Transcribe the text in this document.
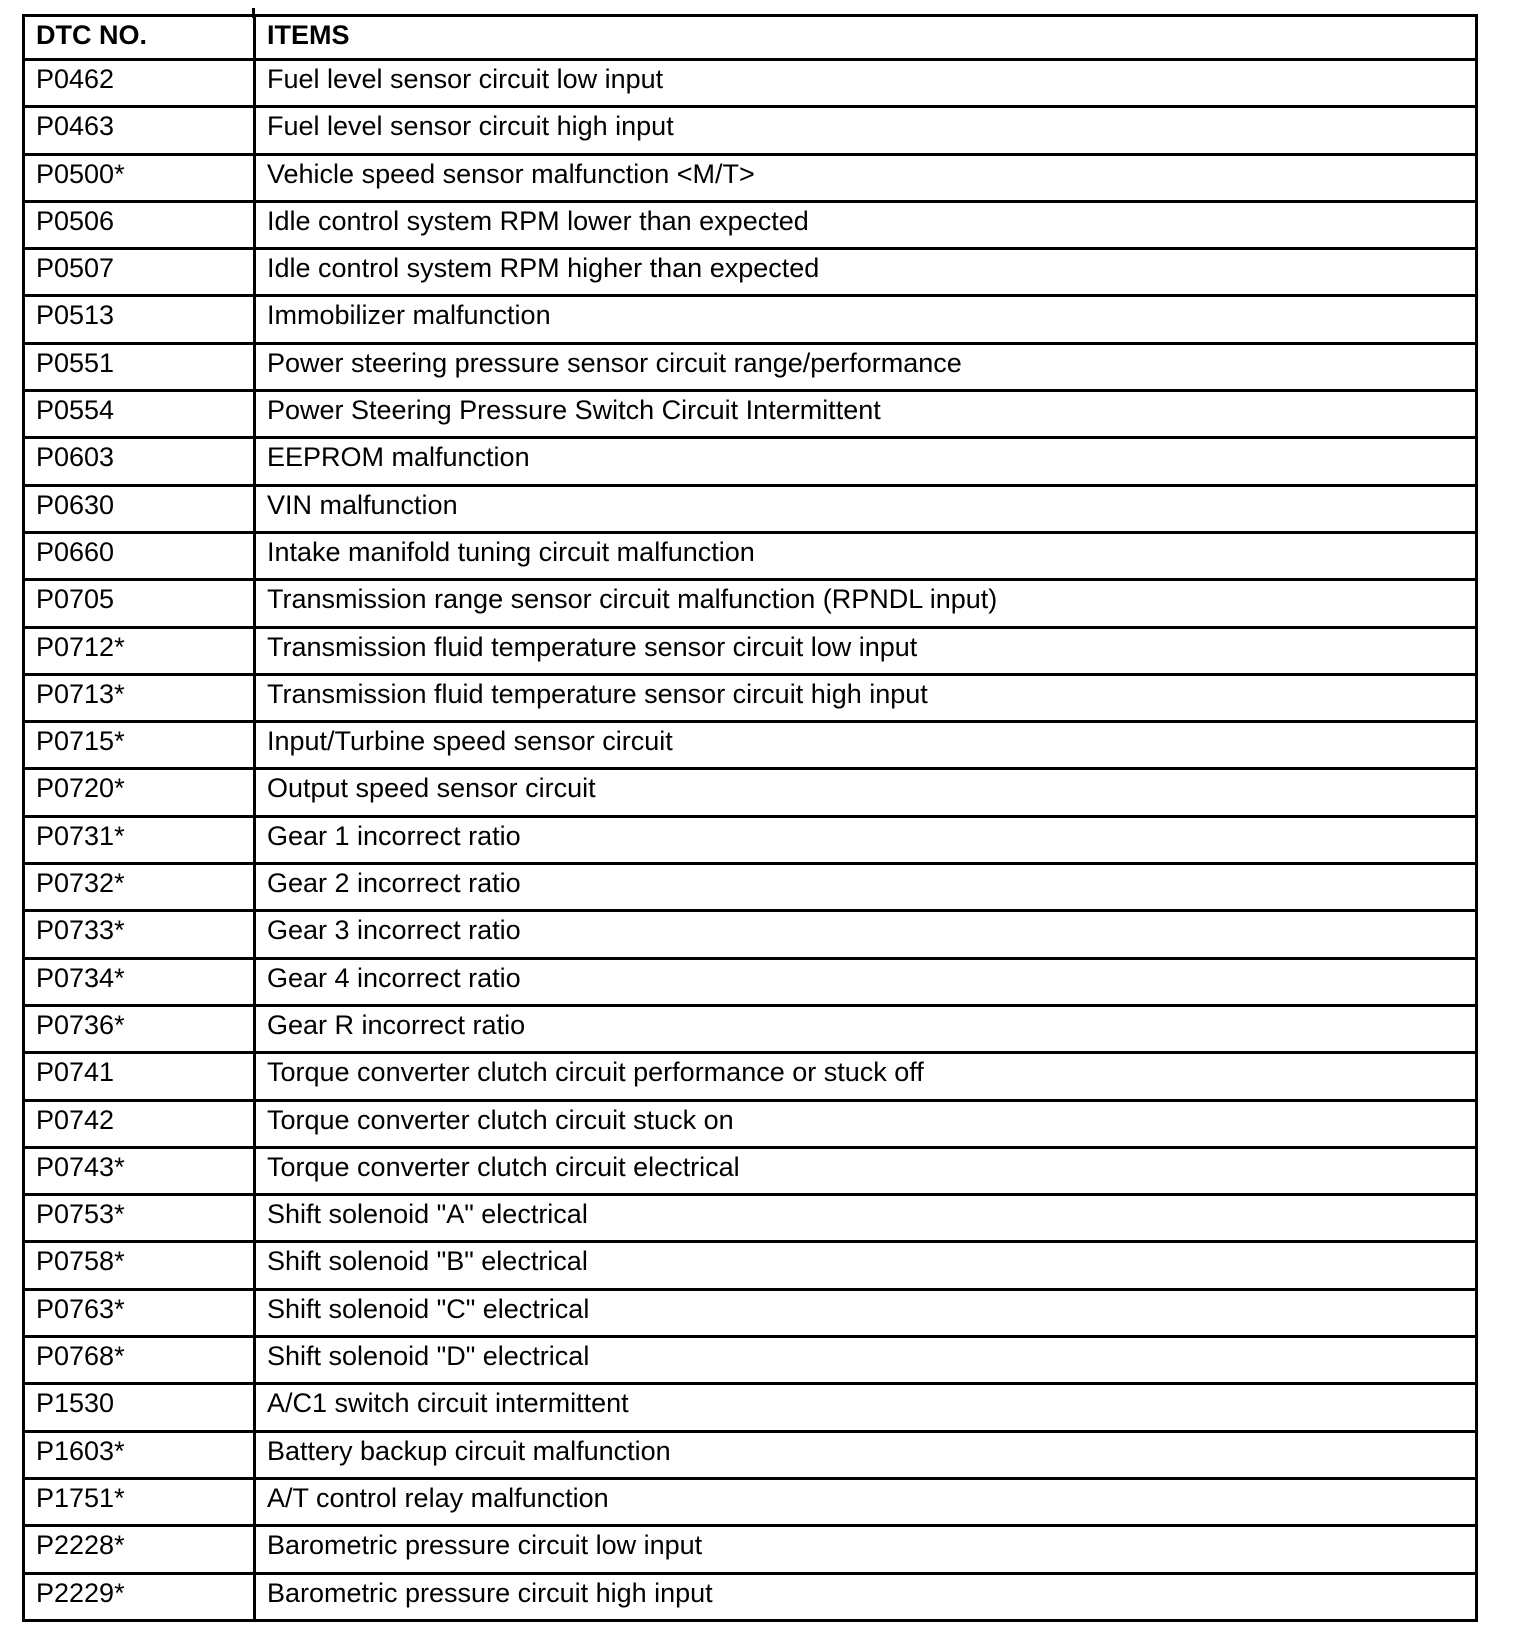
DTC NO.	ITEMS
P0462	Fuel level sensor circuit low input
P0463	Fuel level sensor circuit high input
P0500*	Vehicle speed sensor malfunction <M/T>
P0506	Idle control system RPM lower than expected
P0507	Idle control system RPM higher than expected
P0513	Immobilizer malfunction
P0551	Power steering pressure sensor circuit range/performance
P0554	Power Steering Pressure Switch Circuit Intermittent
P0603	EEPROM malfunction
P0630	VIN malfunction
P0660	Intake manifold tuning circuit malfunction
P0705	Transmission range sensor circuit malfunction (RPNDL input)
P0712*	Transmission fluid temperature sensor circuit low input
P0713*	Transmission fluid temperature sensor circuit high input
P0715*	Input/Turbine speed sensor circuit
P0720*	Output speed sensor circuit
P0731*	Gear 1 incorrect ratio
P0732*	Gear 2 incorrect ratio
P0733*	Gear 3 incorrect ratio
P0734*	Gear 4 incorrect ratio
P0736*	Gear R incorrect ratio
P0741	Torque converter clutch circuit performance or stuck off
P0742	Torque converter clutch circuit stuck on
P0743*	Torque converter clutch circuit electrical
P0753*	Shift solenoid "A" electrical
P0758*	Shift solenoid "B" electrical
P0763*	Shift solenoid "C" electrical
P0768*	Shift solenoid "D" electrical
P1530	A/C1 switch circuit intermittent
P1603*	Battery backup circuit malfunction
P1751*	A/T control relay malfunction
P2228*	Barometric pressure circuit low input
P2229*	Barometric pressure circuit high input
